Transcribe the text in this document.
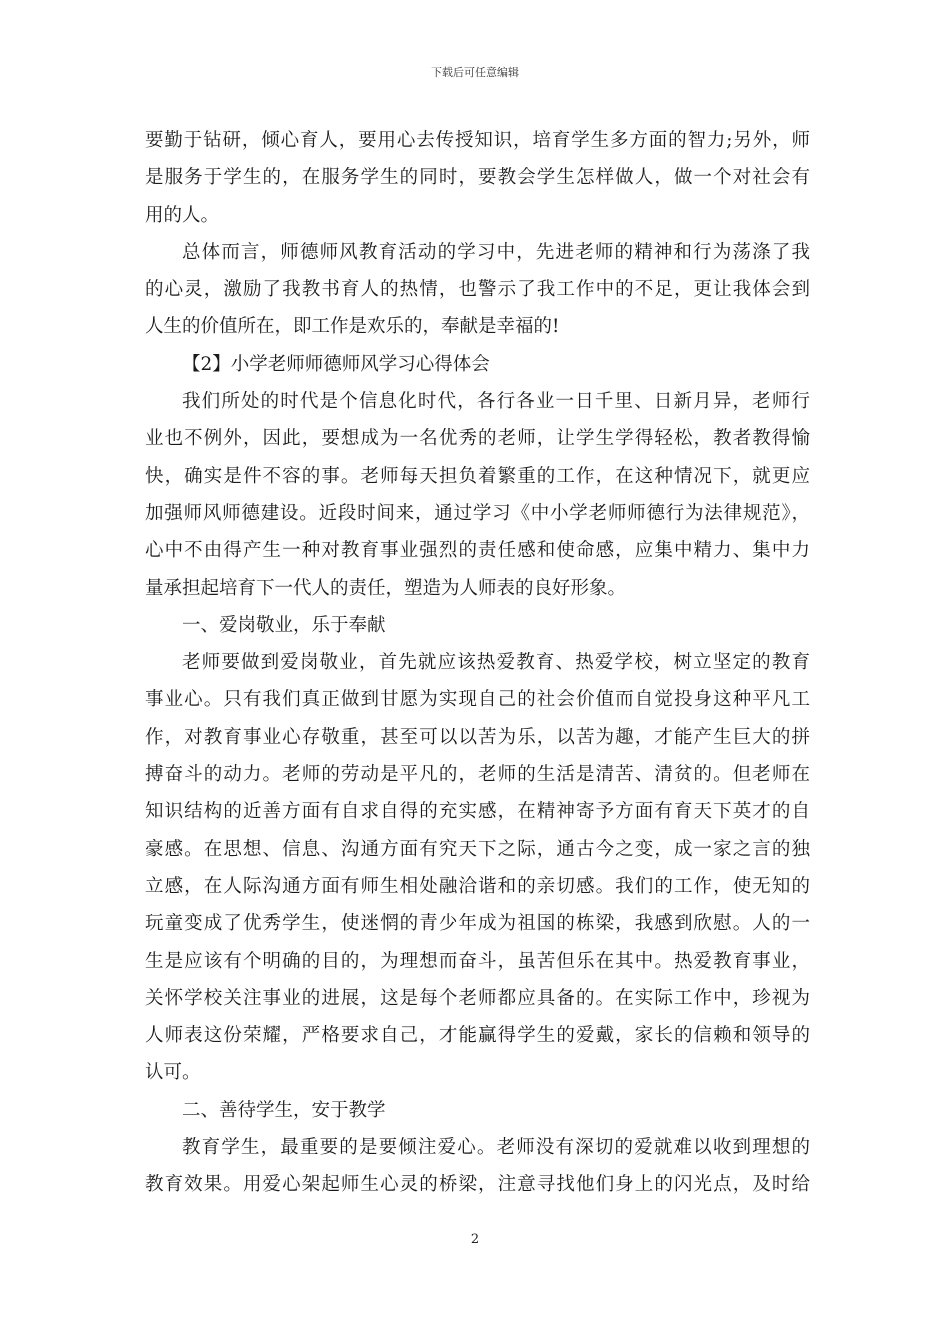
下载后可任意编辑
要勤于钻研，倾心育人，要用心去传授知识，培育学生多方面的智力;另外，师
是服务于学生的，在服务学生的同时，要教会学生怎样做人，做一个对社会有
用的人。
总体而言，师德师风教育活动的学习中，先进老师的精神和行为荡涤了我
的心灵，激励了我教书育人的热情，也警示了我工作中的不足，更让我体会到
人生的价值所在，即工作是欢乐的，奉献是幸福的!
【2】小学老师师德师风学习心得体会
我们所处的时代是个信息化时代，各行各业一日千里、日新月异，老师行
业也不例外，因此，要想成为一名优秀的老师，让学生学得轻松，教者教得愉
快，确实是件不容的事。老师每天担负着繁重的工作，在这种情况下，就更应
加强师风师德建设。近段时间来，通过学习《中小学老师师德行为法律规范》，
心中不由得产生一种对教育事业强烈的责任感和使命感，应集中精力、集中力
量承担起培育下一代人的责任，塑造为人师表的良好形象。
一、爱岗敬业，乐于奉献
老师要做到爱岗敬业，首先就应该热爱教育、热爱学校，树立坚定的教育
事业心。只有我们真正做到甘愿为实现自己的社会价值而自觉投身这种平凡工
作，对教育事业心存敬重，甚至可以以苦为乐，以苦为趣，才能产生巨大的拼
搏奋斗的动力。老师的劳动是平凡的，老师的生活是清苦、清贫的。但老师在
知识结构的近善方面有自求自得的充实感，在精神寄予方面有育天下英才的自
豪感。在思想、信息、沟通方面有究天下之际，通古今之变，成一家之言的独
立感，在人际沟通方面有师生相处融洽谐和的亲切感。我们的工作，使无知的
玩童变成了优秀学生，使迷惘的青少年成为祖国的栋梁，我感到欣慰。人的一
生是应该有个明确的目的，为理想而奋斗，虽苦但乐在其中。热爱教育事业，
关怀学校关注事业的进展，这是每个老师都应具备的。在实际工作中，珍视为
人师表这份荣耀，严格要求自己，才能赢得学生的爱戴，家长的信赖和领导的
认可。
二、善待学生，安于教学
教育学生，最重要的是要倾注爱心。老师没有深切的爱就难以收到理想的
教育效果。用爱心架起师生心灵的桥梁，注意寻找他们身上的闪光点，及时给
2
